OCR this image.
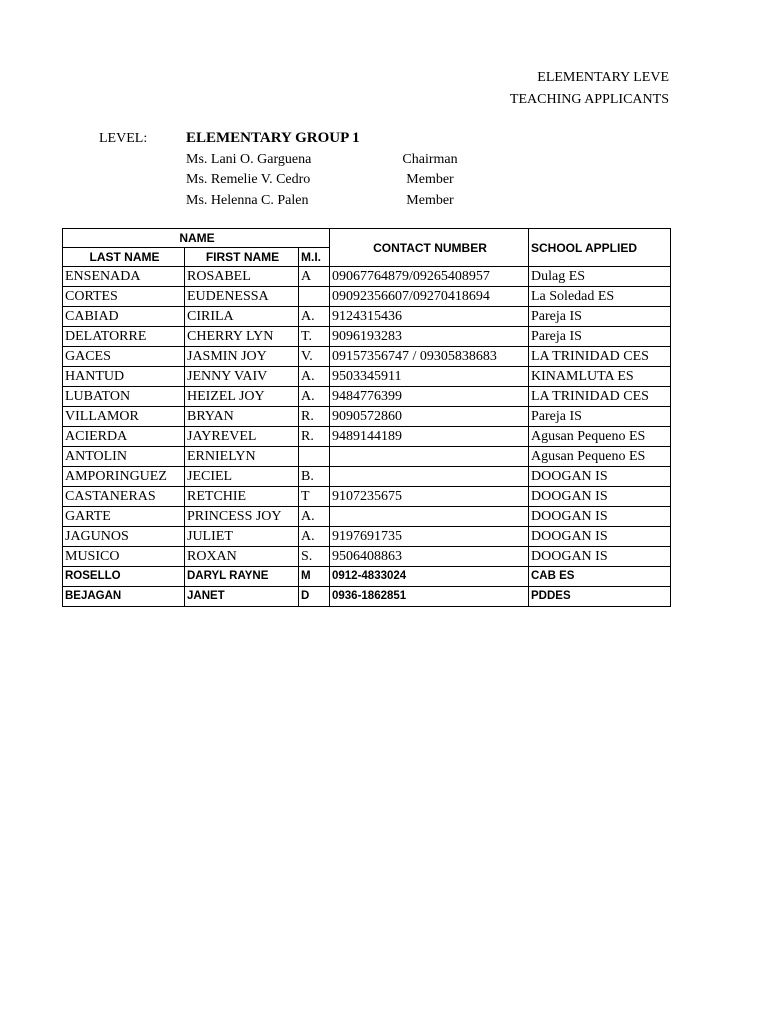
ELEMENTARY LEVE
TEACHING APPLICANTS
LEVEL:	ELEMENTARY GROUP 1
Ms. Lani O. Garguena	Chairman
Ms. Remelie V. Cedro	Member
Ms. Helenna C. Palen	Member
NAME			CONTACT NUMBER	SCHOOL APPLIED
LAST NAME	FIRST NAME	M.I.		
ENSENADA	ROSABEL	A	09067764879/09265408957	Dulag ES
CORTES	EUDENESSA		09092356607/09270418694	La Soledad ES
CABIAD	CIRILA	A.	9124315436	Pareja IS
DELATORRE	CHERRY LYN	T.	9096193283	Pareja IS
GACES	JASMIN JOY	V.	09157356747 / 09305838683	LA TRINIDAD CES
HANTUD	JENNY VAIV	A.	9503345911	KINAMLUTA ES
LUBATON	HEIZEL JOY	A.	9484776399	LA TRINIDAD CES
VILLAMOR	BRYAN	R.	9090572860	Pareja IS
ACIERDA	JAYREVEL	R.	9489144189	Agusan Pequeno ES
ANTOLIN	ERNIELYN			Agusan Pequeno ES
AMPORINGUEZ	JECIEL	B.		DOOGAN IS
CASTANERAS	RETCHIE	T	9107235675	DOOGAN IS
GARTE	PRINCESS JOY	A.		DOOGAN IS
JAGUNOS	JULIET	A.	9197691735	DOOGAN IS
MUSICO	ROXAN	S.	9506408863	DOOGAN IS
ROSELLO	DARYL RAYNE	M	0912-4833024	CAB ES
BEJAGAN	JANET	D	0936-1862851	PDDES
